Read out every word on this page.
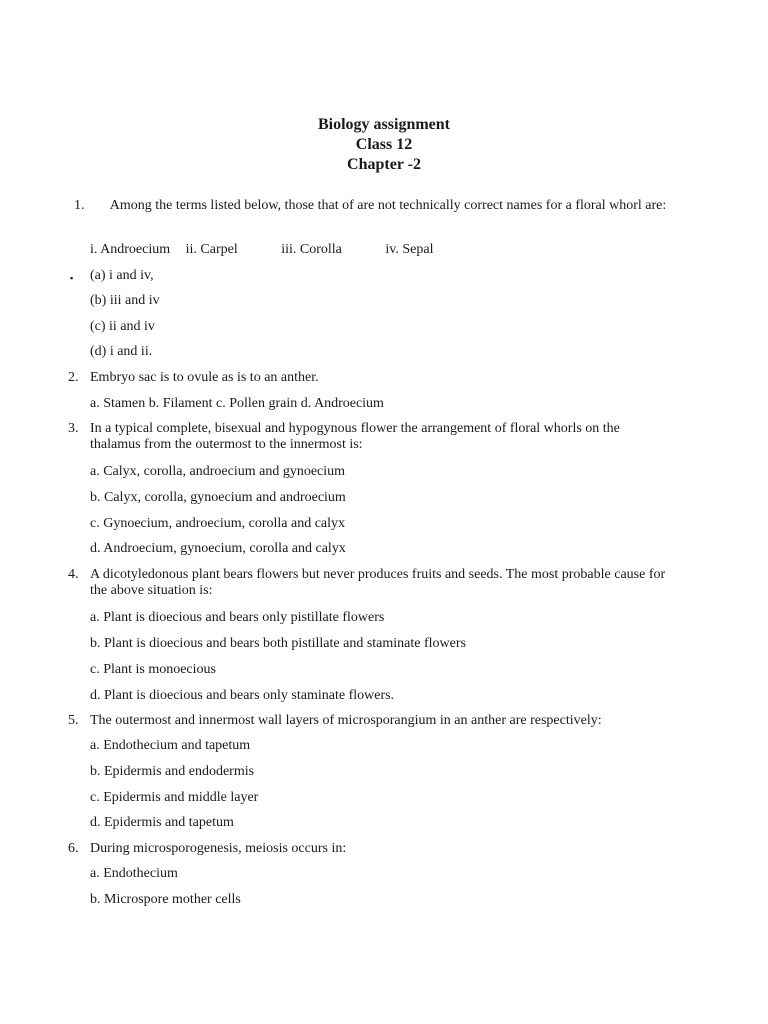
Biology assignment
Class 12
Chapter -2
1.	Among the terms listed below, those that of are not technically correct names for a floral whorl are:
i. Androecium ii. Carpel	iii. Corolla	iv. Sepal
▪ (a) i and iv,
(b) iii and iv
(c) ii and iv
(d) i and ii.
2. Embryo sac is to ovule as is to an anther.
a. Stamen b. Filament c. Pollen grain d. Androecium
3. In a typical complete, bisexual and hypogynous flower the arrangement of floral whorls on the thalamus from the outermost to the innermost is:
a. Calyx, corolla, androecium and gynoecium
b. Calyx, corolla, gynoecium and androecium
c. Gynoecium, androecium, corolla and calyx
d. Androecium, gynoecium, corolla and calyx
4. A dicotyledonous plant bears flowers but never produces fruits and seeds. The most probable cause for the above situation is:
a. Plant is dioecious and bears only pistillate flowers
b. Plant is dioecious and bears both pistillate and staminate flowers
c. Plant is monoecious
d. Plant is dioecious and bears only staminate flowers.
5. The outermost and innermost wall layers of microsporangium in an anther are respectively:
a. Endothecium and tapetum
b. Epidermis and endodermis
c. Epidermis and middle layer
d. Epidermis and tapetum
6. During microsporogenesis, meiosis occurs in:
a. Endothecium
b. Microspore mother cells
